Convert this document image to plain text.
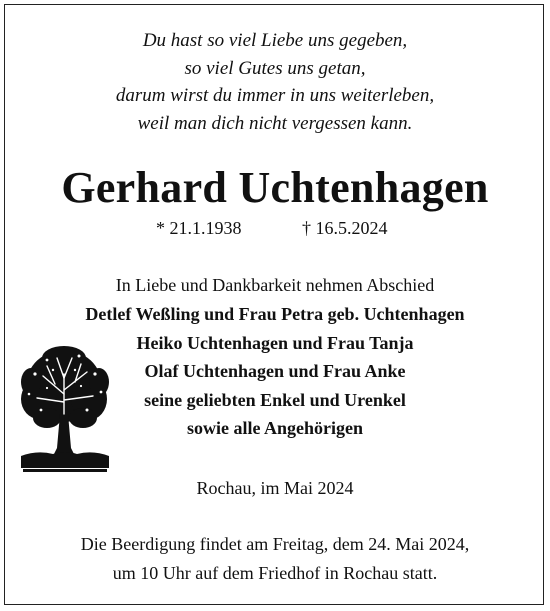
Du hast so viel Liebe uns gegeben,
so viel Gutes uns getan,
darum wirst du immer in uns weiterleben,
weil man dich nicht vergessen kann.
Gerhard Uchtenhagen
* 21.1.1938	† 16.5.2024
In Liebe und Dankbarkeit nehmen Abschied
Detlef Weßling und Frau Petra geb. Uchtenhagen
Heiko Uchtenhagen und Frau Tanja
Olaf Uchtenhagen und Frau Anke
seine geliebten Enkel und Urenkel
sowie alle Angehörigen
Rochau, im Mai 2024
Die Beerdigung findet am Freitag, dem 24. Mai 2024,
um 10 Uhr auf dem Friedhof in Rochau statt.
